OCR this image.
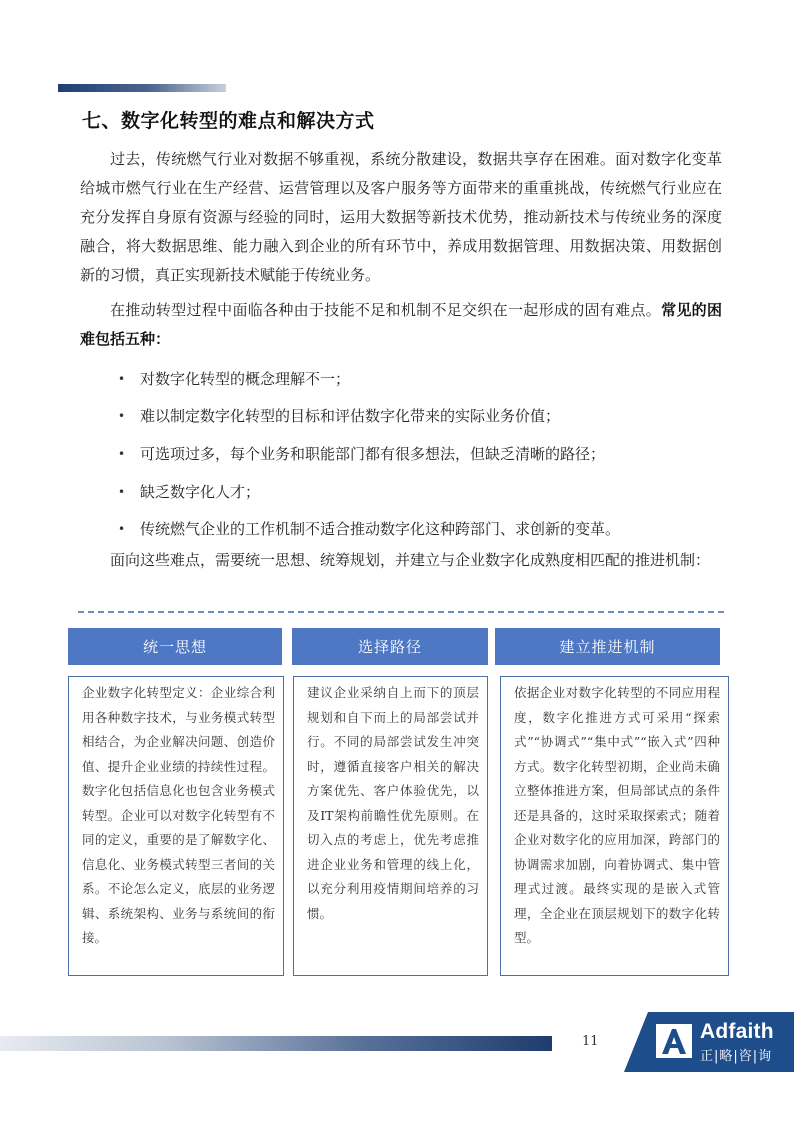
七、数字化转型的难点和解决方式

过去，传统燃气行业对数据不够重视，系统分散建设，数据共享存在困难。面对数字化变革给城市燃气行业在生产经营、运营管理以及客户服务等方面带来的重重挑战，传统燃气行业应在充分发挥自身原有资源与经验的同时，运用大数据等新技术优势，推动新技术与传统业务的深度融合，将大数据思维、能力融入到企业的所有环节中，养成用数据管理、用数据决策、用数据创新的习惯，真正实现新技术赋能于传统业务。

在推动转型过程中面临各种由于技能不足和机制不足交织在一起形成的固有难点。常见的困难包括五种：

• 对数字化转型的概念理解不一；
• 难以制定数字化转型的目标和评估数字化带来的实际业务价值；
• 可选项过多，每个业务和职能部门都有很多想法，但缺乏清晰的路径；
• 缺乏数字化人才；
• 传统燃气企业的工作机制不适合推动数字化这种跨部门、求创新的变革。

面向这些难点，需要统一思想、统筹规划，并建立与企业数字化成熟度相匹配的推进机制：

统一思想	选择路径	建立推进机制
企业数字化转型定义：企业综合利用各种数字技术，与业务模式转型相结合，为企业解决问题、创造价值、提升企业业绩的持续性过程。数字化包括信息化也包含业务模式转型。企业可以对数字化转型有不同的定义，重要的是了解数字化、信息化、业务模式转型三者间的关系。不论怎么定义，底层的业务逻辑、系统架构、业务与系统间的衔接。
建议企业采纳自上而下的顶层规划和自下而上的局部尝试并行。不同的局部尝试发生冲突时，遵循直接客户相关的解决方案优先、客户体验优先，以及IT架构前瞻性优先原则。在切入点的考虑上，优先考虑推进企业业务和管理的线上化，以充分利用疫情期间培养的习惯。
依据企业对数字化转型的不同应用程度，数字化推进方式可采用“探索式”“协调式”“集中式”“嵌入式”四种方式。数字化转型初期，企业尚未确立整体推进方案，但局部试点的条件还是具备的，这时采取探索式；随着企业对数字化的应用加深，跨部门的协调需求加剧，向着协调式、集中管理式过渡。最终实现的是嵌入式管理，全企业在顶层规划下的数字化转型。
11	Adfaith
正|略|咨|询
